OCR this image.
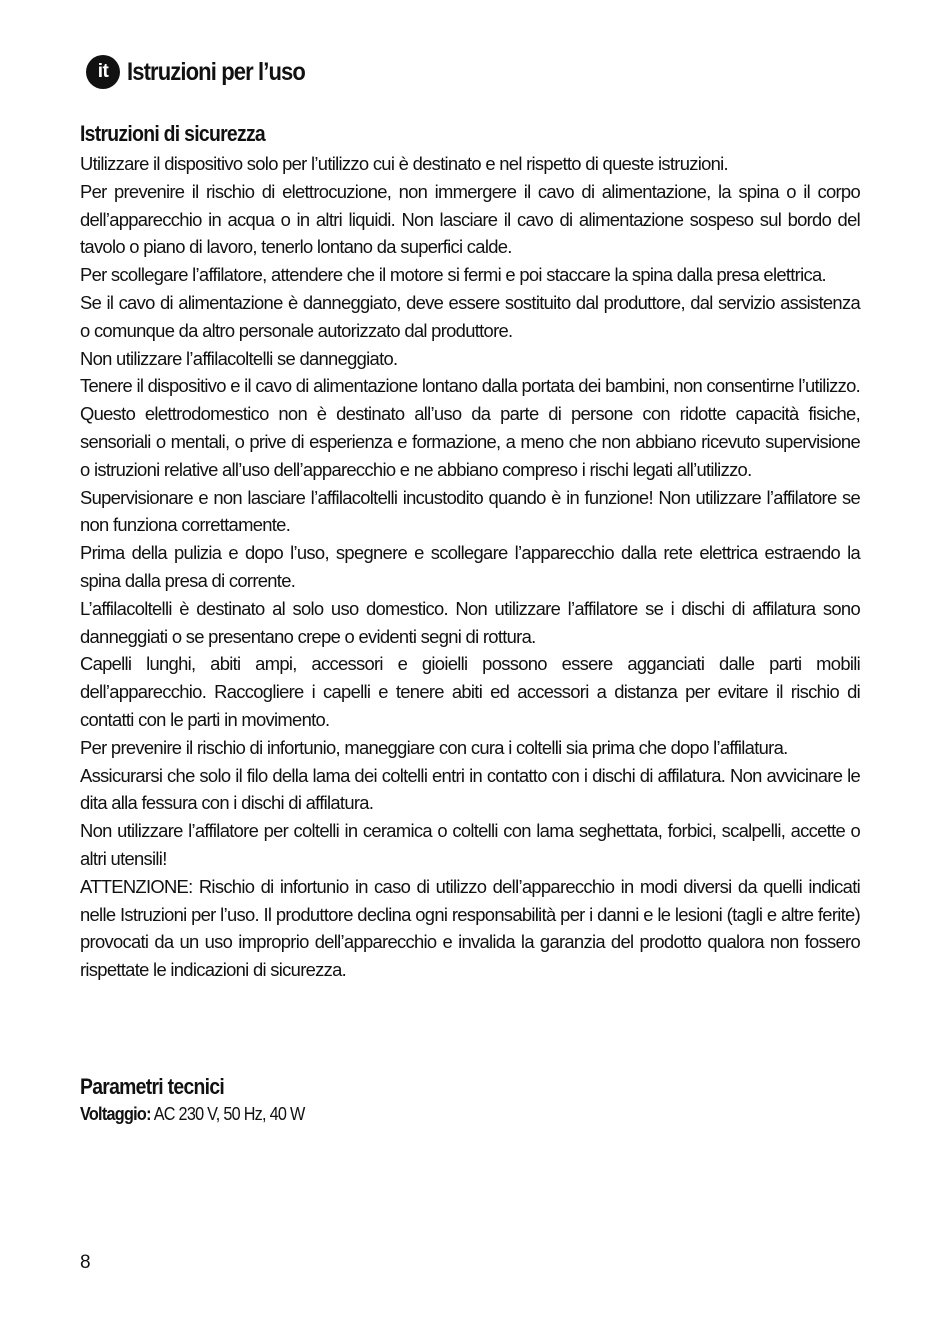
it Istruzioni per l’uso
Istruzioni di sicurezza

Utilizzare il dispositivo solo per l’utilizzo cui è destinato e nel rispetto di queste istruzioni.

Per prevenire il rischio di elettrocuzione, non immergere il cavo di alimentazione, la spina o il corpo dell’apparecchio in acqua o in altri liquidi. Non lasciare il cavo di alimentazione sospeso sul bordo del tavolo o piano di lavoro, tenerlo lontano da superfici calde.

Per scollegare l’affilatore, attendere che il motore si fermi e poi staccare la spina dalla presa elettrica.

Se il cavo di alimentazione è danneggiato, deve essere sostituito dal produttore, dal servizio assistenza o comunque da altro personale autorizzato dal produttore.

Non utilizzare l’affilacoltelli se danneggiato.

Tenere il dispositivo e il cavo di alimentazione lontano dalla portata dei bambini, non consentirne l’utilizzo. Questo elettrodomestico non è destinato all’uso da parte di persone con ridotte capacità fisiche, sensoriali o mentali, o prive di esperienza e formazione, a meno che non abbiano ricevuto supervisione o istruzioni relative all’uso dell’apparecchio e ne abbiano compreso i rischi legati all’utilizzo.

Supervisionare e non lasciare l’affilacoltelli incustodito quando è in funzione! Non utilizzare l’affilatore se non funziona correttamente.

Prima della pulizia e dopo l’uso, spegnere e scollegare l’apparecchio dalla rete elettrica estraendo la spina dalla presa di corrente.

L’affilacoltelli è destinato al solo uso domestico. Non utilizzare l’affilatore se i dischi di affilatura sono danneggiati o se presentano crepe o evidenti segni di rottura.

Capelli lunghi, abiti ampi, accessori e gioielli possono essere agganciati dalle parti mobili dell’apparecchio. Raccogliere i capelli e tenere abiti ed accessori a distanza per evitare il rischio di contatti con le parti in movimento.

Per prevenire il rischio di infortunio, maneggiare con cura i coltelli sia prima che dopo l’affilatura.

Assicurarsi che solo il filo della lama dei coltelli entri in contatto con i dischi di affilatura. Non avvicinare le dita alla fessura con i dischi di affilatura.

Non utilizzare l’affilatore per coltelli in ceramica o coltelli con lama seghettata, forbici, scalpelli, accette o altri utensili!

ATTENZIONE: Rischio di infortunio in caso di utilizzo dell’apparecchio in modi diversi da quelli indicati nelle Istruzioni per l’uso. Il produttore declina ogni responsabilità per i danni e le lesioni (tagli e altre ferite) provocati da un uso improprio dell’apparecchio e invalida la garanzia del prodotto qualora non fossero rispettate le indicazioni di sicurezza.

Parametri tecnici
Voltaggio: AC 230 V, 50 Hz, 40 W
8
